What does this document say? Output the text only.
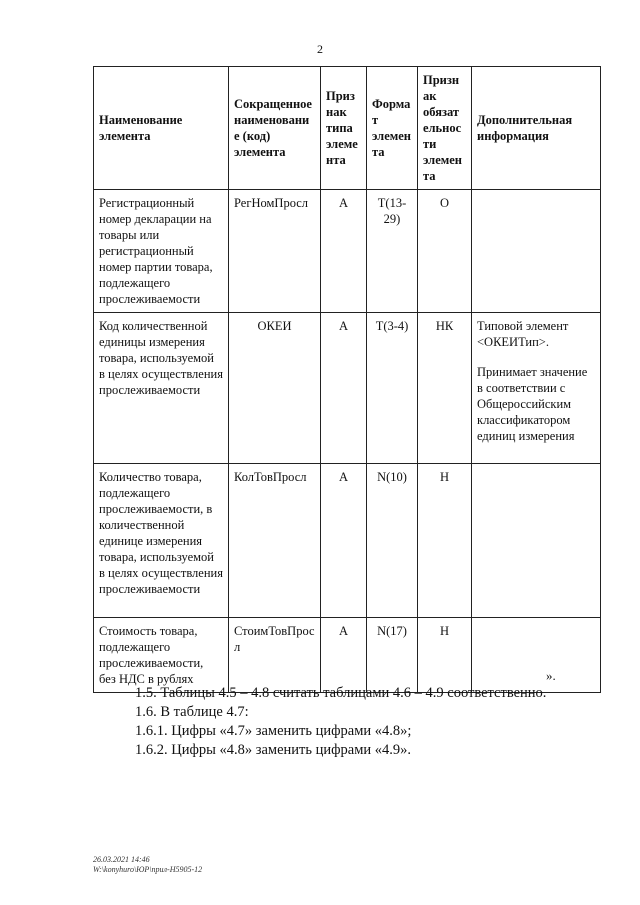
2
Наименование элемента	Сокращенное наименовани е (код) элемента	Приз нак типа элеме нта	Форма т элемен та	Призн ак обязат ельнос ти элемен та	Дополнительная информация
Регистрационный номер декларации на товары или регистрационный номер партии товара, подлежащего прослеживаемости	РегНомПросл	А	Т(13-29)	О	
Код количественной единицы измерения товара, используемой в целях осуществления прослеживаемости	ОКЕИ	А	Т(3-4)	НК	Типовой элемент <ОКЕИТип>.

Принимает значение в соответствии с Общероссийским классификатором единиц измерения

Количество товара, подлежащего прослеживаемости, в количественной единице измерения товара, используемой в целях осуществления прослеживаемости	КолТовПросл	А	N(10)	Н	
Стоимость товара, подлежащего прослеживаемости, без НДС в рублях	СтоимТовПросл	А	N(17)	Н	
».
1.5. Таблицы 4.5 – 4.8 считать таблицами 4.6 – 4.9 соответственно.
1.6. В таблице 4.7:
1.6.1. Цифры «4.7» заменить цифрами «4.8»;
1.6.2. Цифры «4.8» заменить цифрами «4.9».
26.03.2021 14:46
W:\konyhuro\ЮР\прил-Н5905-12
